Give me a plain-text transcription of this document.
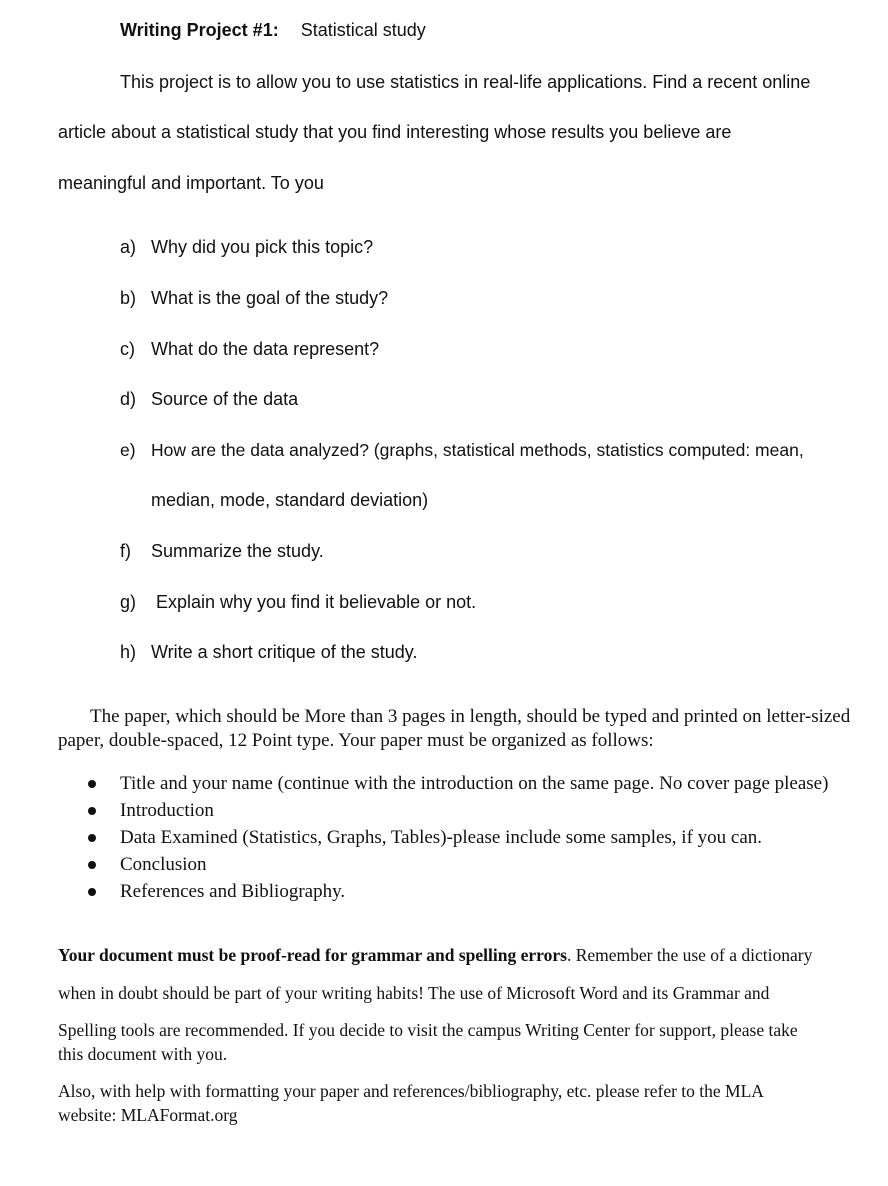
Writing Project #1: Statistical study
This project is to allow you to use statistics in real-life applications. Find a recent online
article about a statistical study that you find interesting whose results you believe are
meaningful and important. To you
a) Why did you pick this topic?
b) What is the goal of the study?
c) What do the data represent?
d) Source of the data
e) How are the data analyzed? (graphs, statistical methods, statistics computed: mean,
median, mode, standard deviation)
f) Summarize the study.
g) Explain why you find it believable or not.
h) Write a short critique of the study.
The paper, which should be More than 3 pages in length, should be typed and printed on letter-sized paper, double-spaced, 12 Point type. Your paper must be organized as follows:
Title and your name (continue with the introduction on the same page. No cover page please)
Introduction
Data Examined (Statistics, Graphs, Tables)-please include some samples, if you can.
Conclusion
References and Bibliography.
Your document must be proof-read for grammar and spelling errors. Remember the use of a dictionary
when in doubt should be part of your writing habits! The use of Microsoft Word and its Grammar and
Spelling tools are recommended. If you decide to visit the campus Writing Center for support, please take
this document with you.
Also, with help with formatting your paper and references/bibliography, etc. please refer to the MLA
website: MLAFormat.org
